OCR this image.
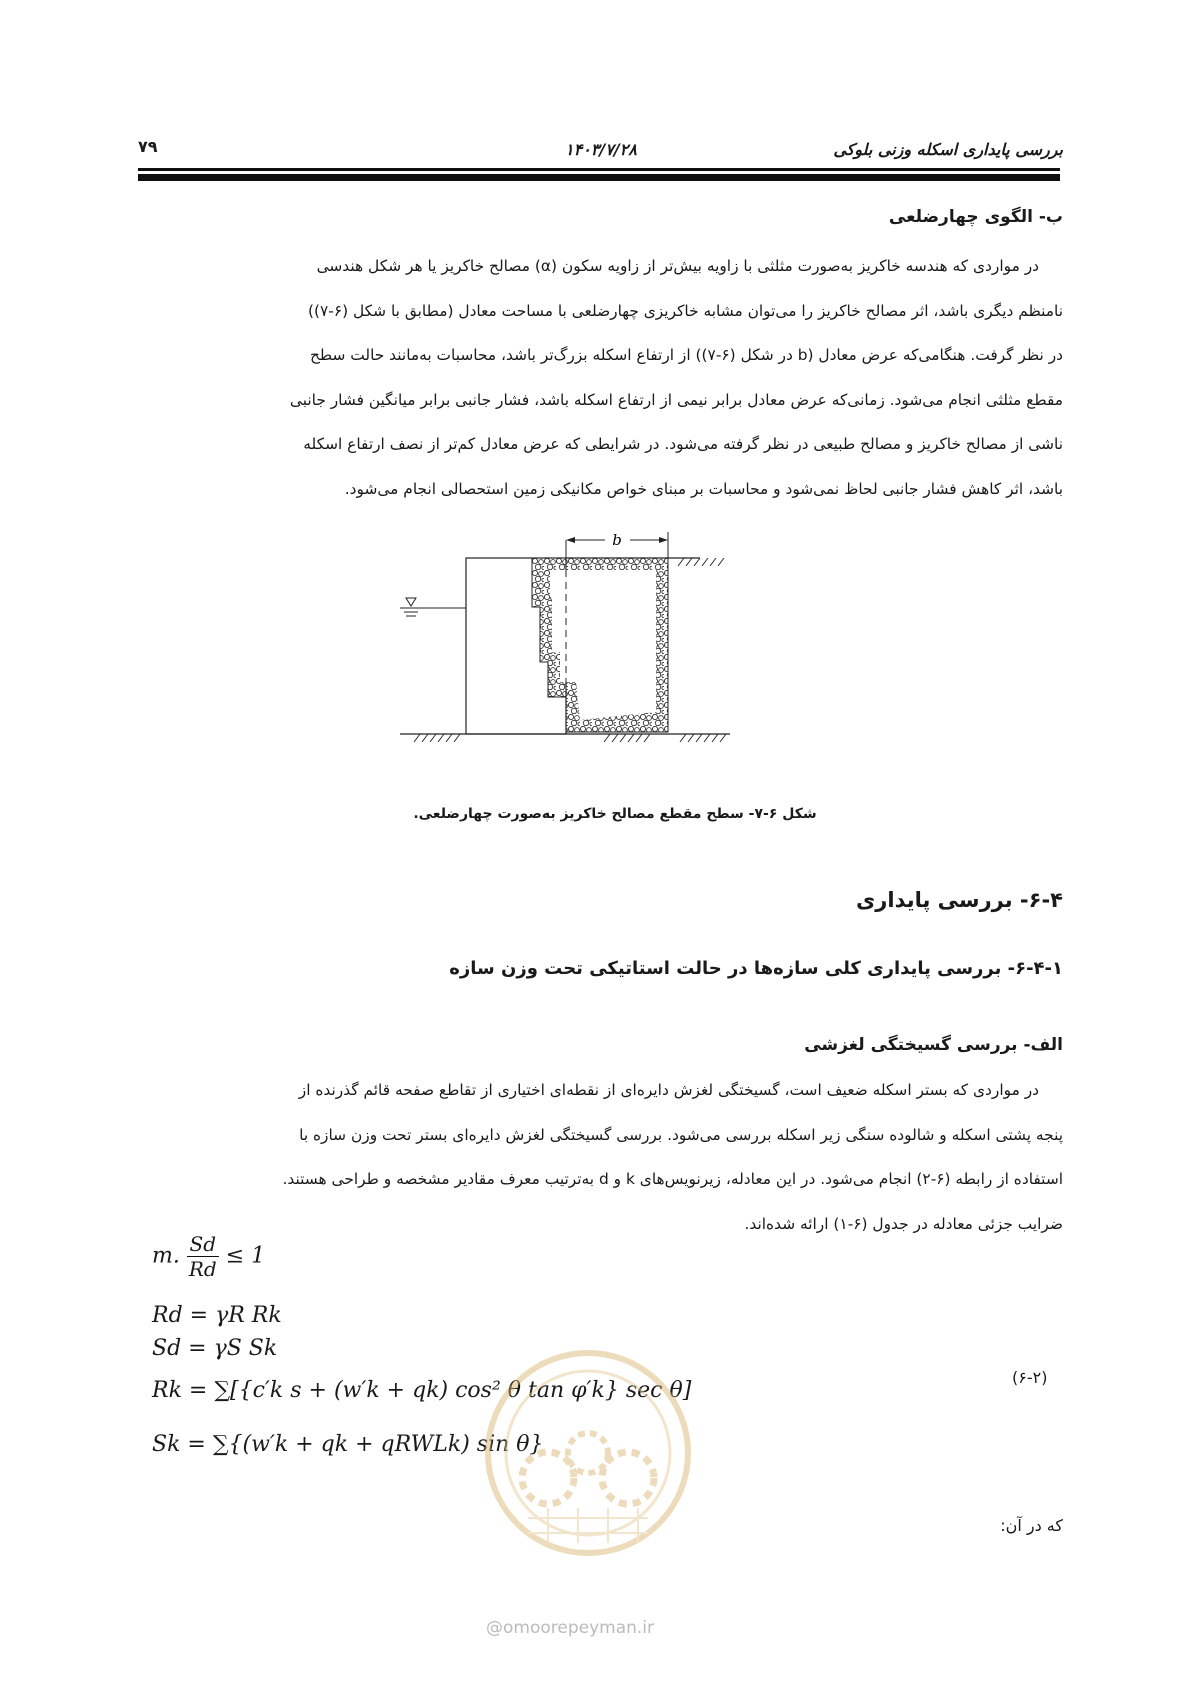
۷۹	۱۴۰۳/۷/۲۸	بررسی پایداری اسکله وزنی بلوکی
ب- الگوی چهارضلعی
در مواردی که هندسه خاکریز به‌صورت مثلثی با زاویه بیش‌تر از زاویه سکون (α) مصالح خاکریز یا هر شکل هندسی
نامنظم دیگری باشد، اثر مصالح خاکریز را می‌توان مشابه خاکریزی چهارضلعی با مساحت معادل (مطابق با شکل (۶-۷))
در نظر گرفت. هنگامی‌که عرض معادل (b در شکل (۶-۷)) از ارتفاع اسکله بزرگ‌تر باشد، محاسبات به‌مانند حالت سطح
مقطع مثلثی انجام می‌شود. زمانی‌که عرض معادل برابر نیمی از ارتفاع اسکله باشد، فشار جانبی برابر میانگین فشار جانبی
ناشی از مصالح خاکریز و مصالح طبیعی در نظر گرفته می‌شود. در شرایطی که عرض معادل کم‌تر از نصف ارتفاع اسکله
باشد، اثر کاهش فشار جانبی لحاظ نمی‌شود و محاسبات بر مبنای خواص مکانیکی زمین استحصالی انجام می‌شود.
b
شکل ۶-۷- سطح مقطع مصالح خاکریز به‌صورت چهارضلعی.
۶-۴- بررسی پایداری
۶-۴-۱- بررسی پایداری کلی سازه‌ها در حالت استاتیکی تحت وزن سازه
الف- بررسی گسیختگی لغزشی
در مواردی که بستر اسکله ضعیف است، گسیختگی لغزش دایره‌ای از نقطه‌ای اختیاری از تقاطع صفحه قائم گذرنده از
پنجه پشتی اسکله و شالوده سنگی زیر اسکله بررسی می‌شود. بررسی گسیختگی لغزش دایره‌ای بستر تحت وزن سازه با
استفاده از رابطه (۶-۲) انجام می‌شود. در این معادله، زیرنویس‌های k و d به‌ترتیب معرف مقادیر مشخصه و طراحی هستند.
ضرایب جزئی معادله در جدول (۶-۱) ارائه شده‌اند.
m. $\frac{Sd}{Rd} \le 1$
Rd = γR Rk
Sd = γS Sk
Rk = ∑[{c′k s + (w′k + qk) cos² θ tan φ′k} sec θ]
Sk = ∑{(w′k + qk + qRWLk) sin θ}
(۶-۲)
که در آن:
@omoorepeyman.ir
